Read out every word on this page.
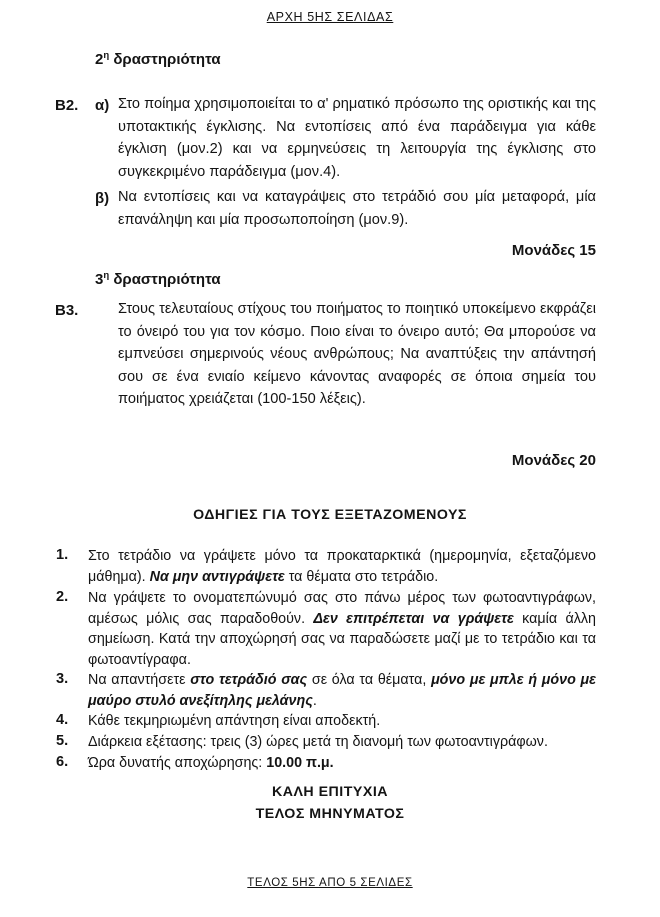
ΑΡΧΗ 5ΗΣ ΣΕΛΙΔΑΣ
$2^\eta$ δραστηριότητα
Β2. α) Στο ποίημα χρησιμοποιείται το α' ρηματικό πρόσωπο της οριστικής και της υποτακτικής έγκλισης. Να εντοπίσεις από ένα παράδειγμα για κάθε έγκλιση (μον.2) και να ερμηνεύσεις τη λειτουργία της έγκλισης στο συγκεκριμένο παράδειγμα (μον.4).
β) Να εντοπίσεις και να καταγράψεις στο τετράδιό σου μία μεταφορά, μία επανάληψη και μία προσωποποίηση (μον.9).
Μονάδες 15
$3^\eta$ δραστηριότητα
Β3.	Στους τελευταίους στίχους του ποιήματος το ποιητικό υποκείμενο εκφράζει το όνειρό του για τον κόσμο. Ποιο είναι το όνειρο αυτό; Θα μπορούσε να εμπνεύσει σημερινούς νέους ανθρώπους; Να αναπτύξεις την απάντησή σου σε ένα ενιαίο κείμενο κάνοντας αναφορές σε όποια σημεία του ποιήματος χρειάζεται (100-150 λέξεις).
Μονάδες 20
ΟΔΗΓΙΕΣ ΓΙΑ ΤΟΥΣ ΕΞΕΤΑΖΟΜΕΝΟΥΣ
1. Στο τετράδιο να γράψετε μόνο τα προκαταρκτικά (ημερομηνία, εξεταζόμενο μάθημα). Να μην αντιγράψετε τα θέματα στο τετράδιο.
2. Να γράψετε το ονοματεπώνυμό σας στο πάνω μέρος των φωτοαντιγράφων, αμέσως μόλις σας παραδοθούν. Δεν επιτρέπεται να γράψετε καμία άλλη σημείωση. Κατά την αποχώρησή σας να παραδώσετε μαζί με το τετράδιο και τα φωτοαντίγραφα.
3. Να απαντήσετε στο τετράδιό σας σε όλα τα θέματα, μόνο με μπλε ή μόνο με μαύρο στυλό ανεξίτηλης μελάνης.
4. Κάθε τεκμηριωμένη απάντηση είναι αποδεκτή.
5. Διάρκεια εξέτασης: τρεις (3) ώρες μετά τη διανομή των φωτοαντιγράφων.
6. Ώρα δυνατής αποχώρησης: 10.00 π.μ.
ΚΑΛΗ ΕΠΙΤΥΧΙΑ
ΤΕΛΟΣ ΜΗΝΥΜΑΤΟΣ
ΤΕΛΟΣ 5ΗΣ ΑΠΟ 5 ΣΕΛΙΔΕΣ
